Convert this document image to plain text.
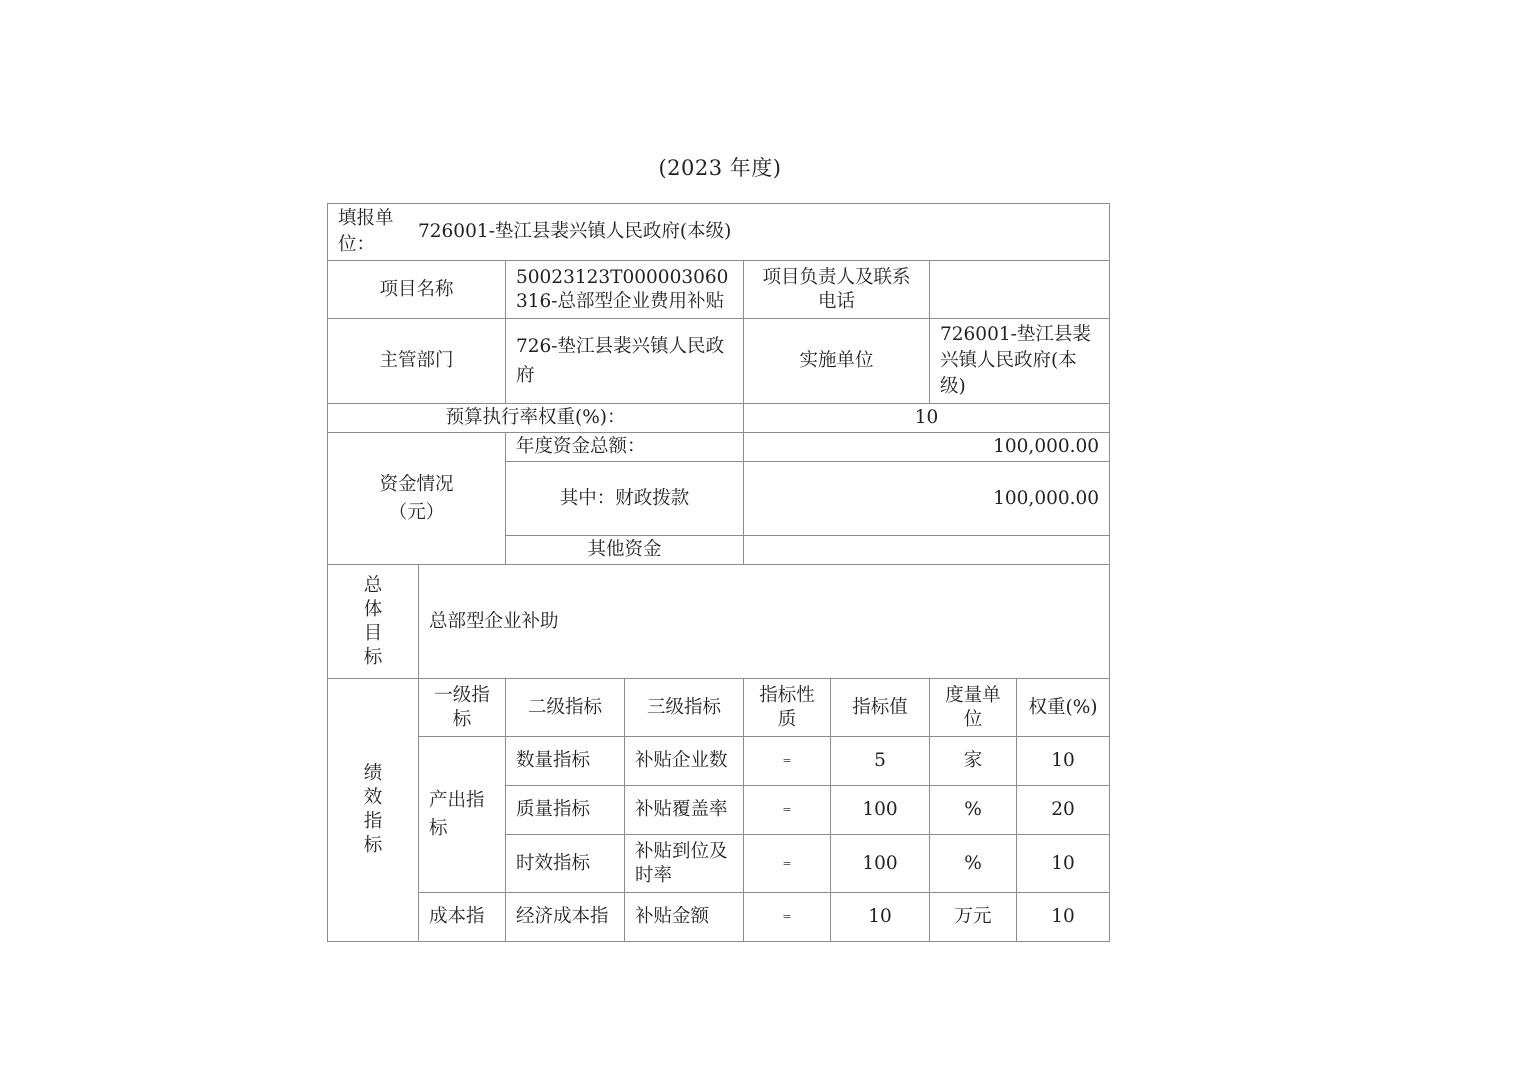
(2023 年度)
填报单位：
726001-垫江县裴兴镇人民政府(本级)							

项目名称		50023123T000003060316-总部型企业费用补贴		项目负责人及联系电话			
主管部门		726-垫江县裴兴镇人民政府		实施单位		726001-垫江县裴兴镇人民政府(本级)	
预算执行率权重(%)：				10			
资金情况（元）		年度资金总额：		100,000.00			
		其中：财政拨款		100,000.00			
		其他资金					
总体目标	总部型企业补助						
绩效指标	一级指标	二级指标	三级指标	指标性质	指标值	度量单位	权重(%)
	产出指标	数量指标	补贴企业数	=	5	家	10
		质量指标	补贴覆盖率	=	100	%	20
		时效指标	补贴到位及时率	=	100	%	10
	成本指	经济成本指	补贴金额	=	10	万元	10
